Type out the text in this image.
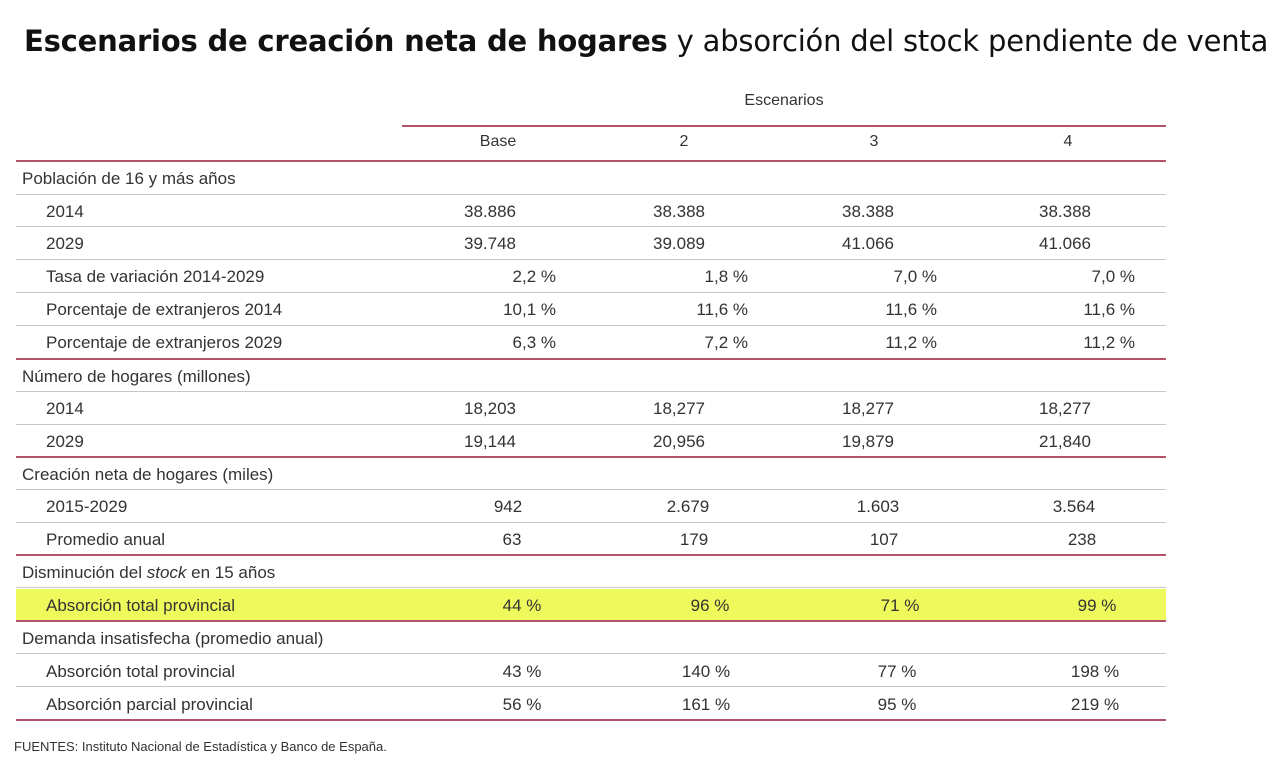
Escenarios de creación neta de hogares y absorción del stock pendiente de venta
Escenarios
Base	2	3	4
Población de 16 y más años
2014	38.886	38.388	38.388	38.388
2029	39.748	39.089	41.066	41.066
Tasa de variación 2014-2029	2,2 %	1,8 %	7,0 %	7,0 %
Porcentaje de extranjeros 2014	10,1 %	11,6 %	11,6 %	11,6 %
Porcentaje de extranjeros 2029	6,3 %	7,2 %	11,2 %	11,2 %
Número de hogares (millones)
2014	18,203	18,277	18,277	18,277
2029	19,144	20,956	19,879	21,840
Creación neta de hogares (miles)
2015-2029	942	2.679	1.603	3.564
Promedio anual	63	179	107	238
Disminución del stock en 15 años
Absorción total provincial	44 %	96 %	71 %	99 %
Demanda insatisfecha (promedio anual)
Absorción total provincial	43 %	140 %	77 %	198 %
Absorción parcial provincial	56 %	161 %	95 %	219 %
FUENTES: Instituto Nacional de Estadística y Banco de España.
